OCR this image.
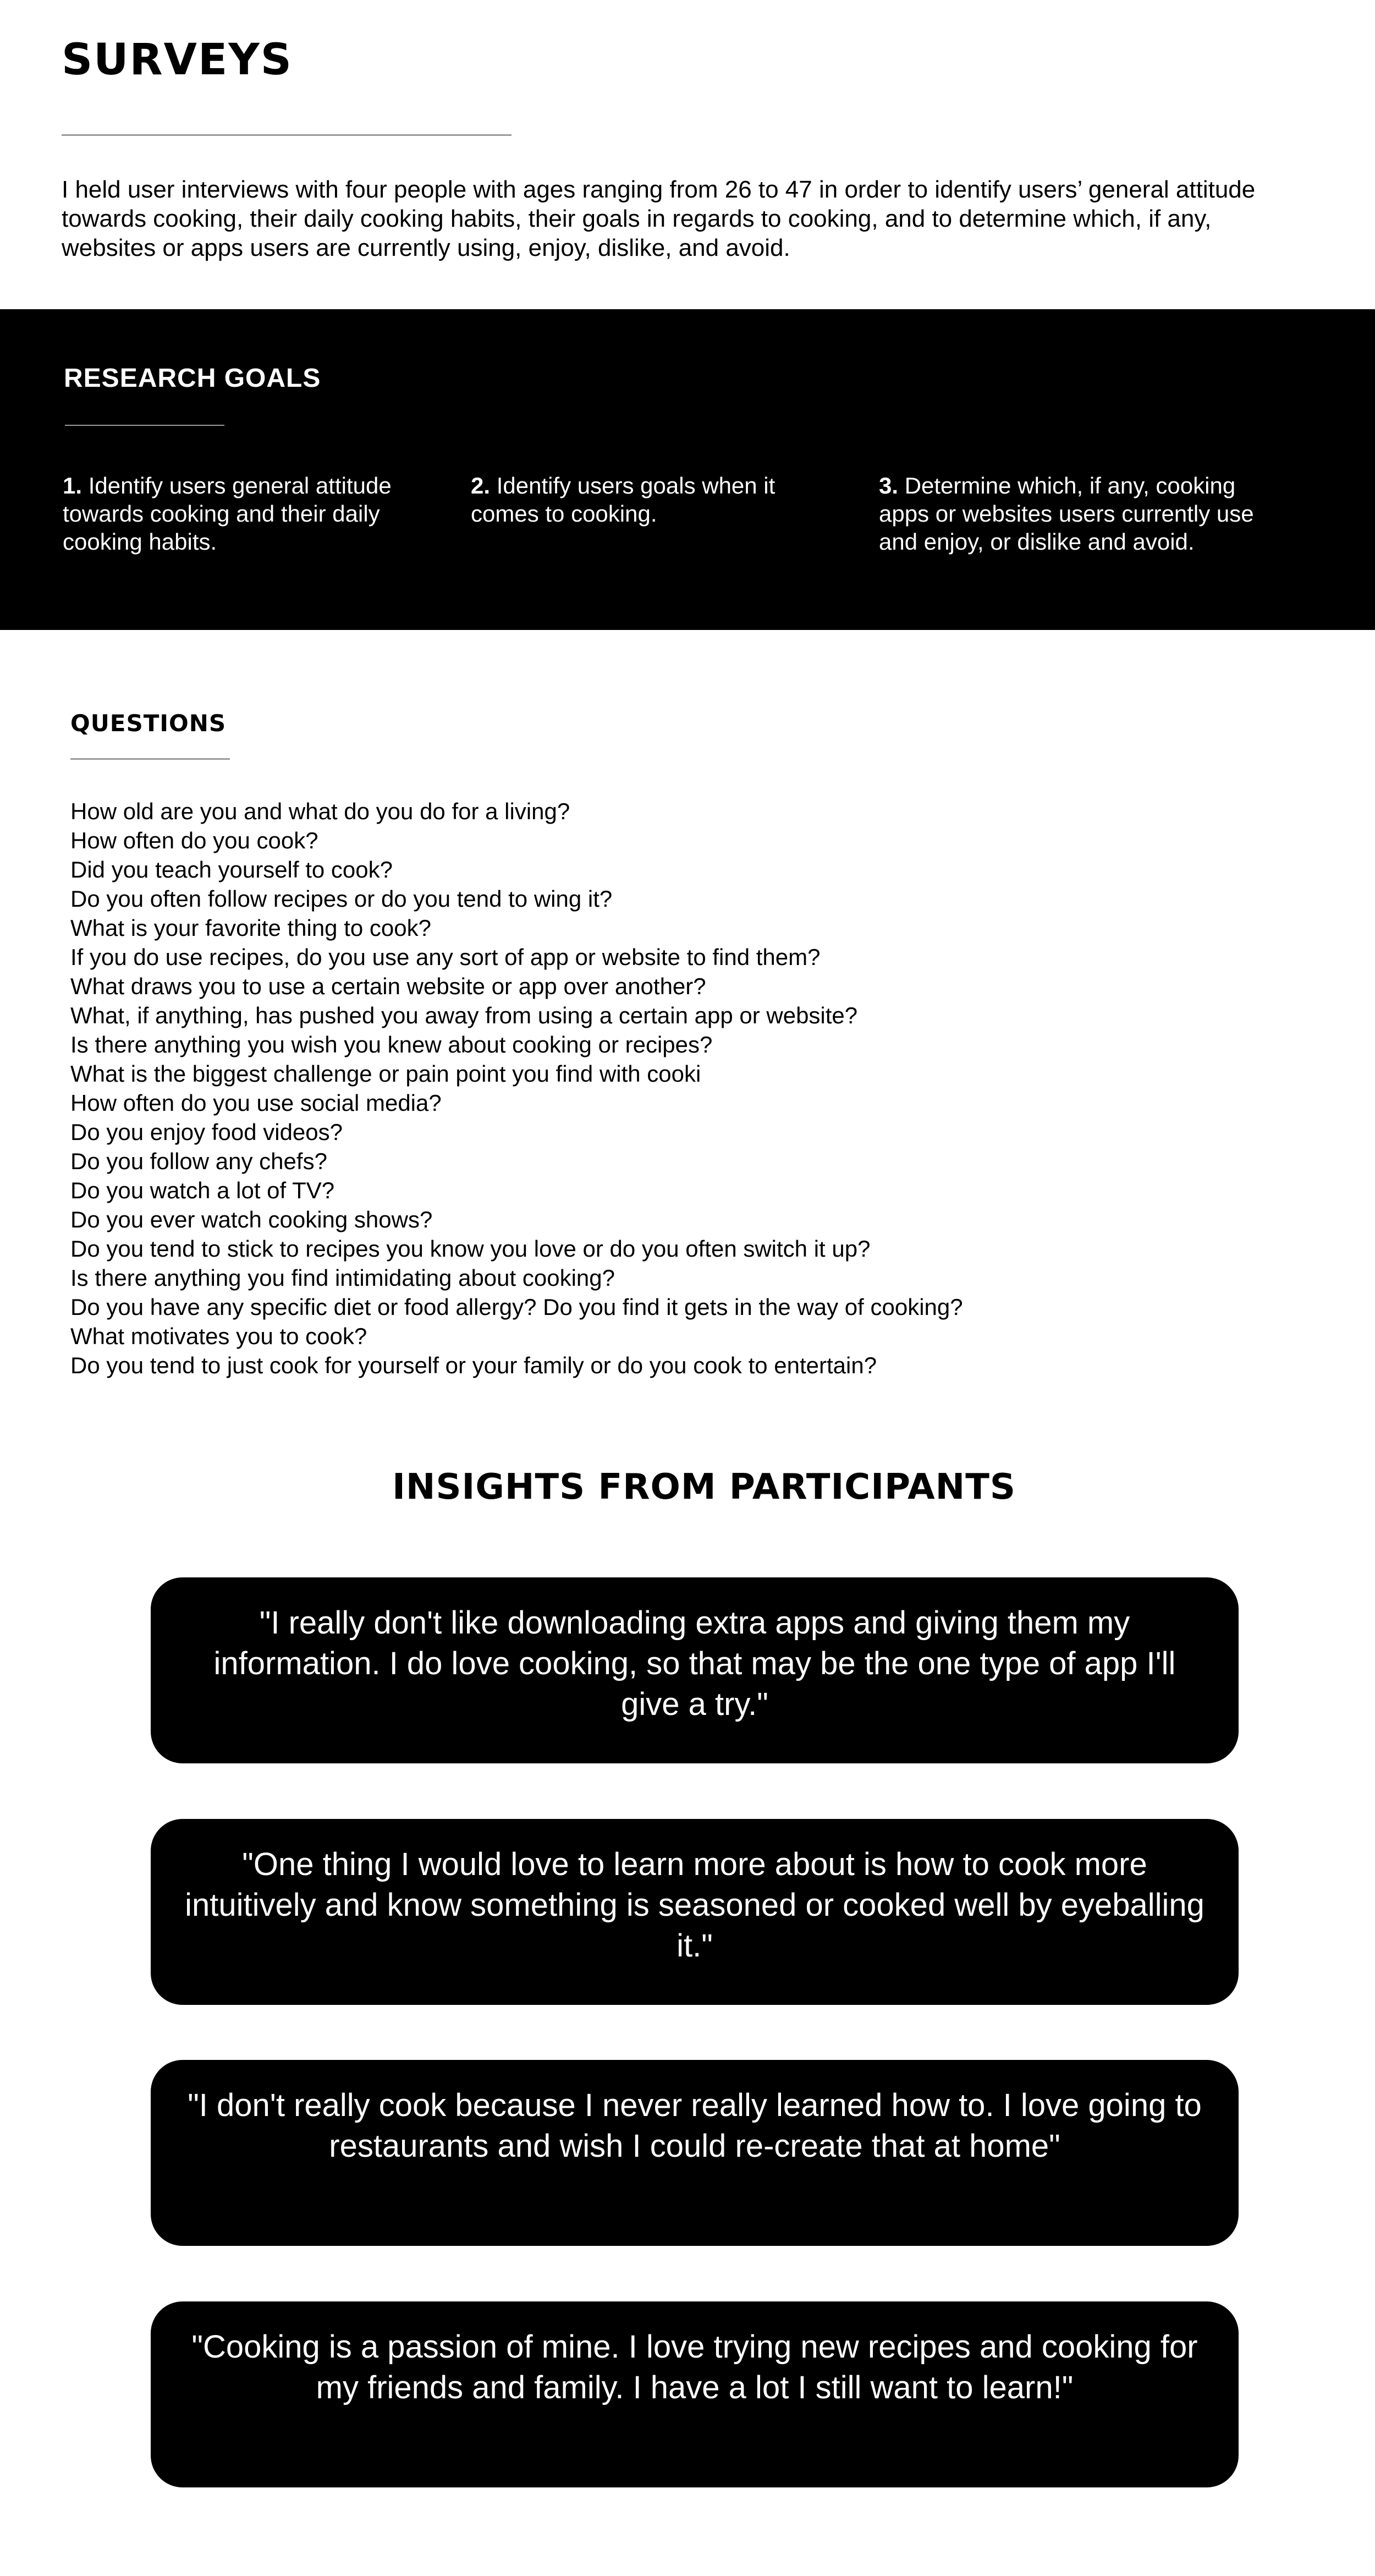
SURVEYS

I held user interviews with four people with ages ranging from 26 to 47 in order to identify users’ general attitude towards cooking, their daily cooking habits, their goals in regards to cooking, and to determine which, if any, websites or apps users are currently using, enjoy, dislike, and avoid.

RESEARCH GOALS

1. Identify users general attitude towards cooking and their daily cooking habits.

2. Identify users goals when it comes to cooking.

3. Determine which, if any, cooking apps or websites users currently use and enjoy, or dislike and avoid.

QUESTIONS
How old are you and what do you do for a living?
How often do you cook?
Did you teach yourself to cook?
Do you often follow recipes or do you tend to wing it?
What is your favorite thing to cook?
If you do use recipes, do you use any sort of app or website to find them?
What draws you to use a certain website or app over another?
What, if anything, has pushed you away from using a certain app or website?
Is there anything you wish you knew about cooking or recipes?
What is the biggest challenge or pain point you find with cooki
How often do you use social media?
Do you enjoy food videos?
Do you follow any chefs?
Do you watch a lot of TV?
Do you ever watch cooking shows?
Do you tend to stick to recipes you know you love or do you often switch it up?
Is there anything you find intimidating about cooking?
Do you have any specific diet or food allergy? Do you find it gets in the way of cooking?
What motivates you to cook?
Do you tend to just cook for yourself or your family or do you cook to entertain?
INSIGHTS FROM PARTICIPANTS

"I really don't like downloading extra apps and giving them my information. I do love cooking, so that may be the one type of app I'll give a try."

"One thing I would love to learn more about is how to cook more intuitively and know something is seasoned or cooked well by eyeballing it."

"I don't really cook because I never really learned how to. I love going to restaurants and wish I could re-create that at home"

"Cooking is a passion of mine. I love trying new recipes and cooking for my friends and family. I have a lot I still want to learn!"
